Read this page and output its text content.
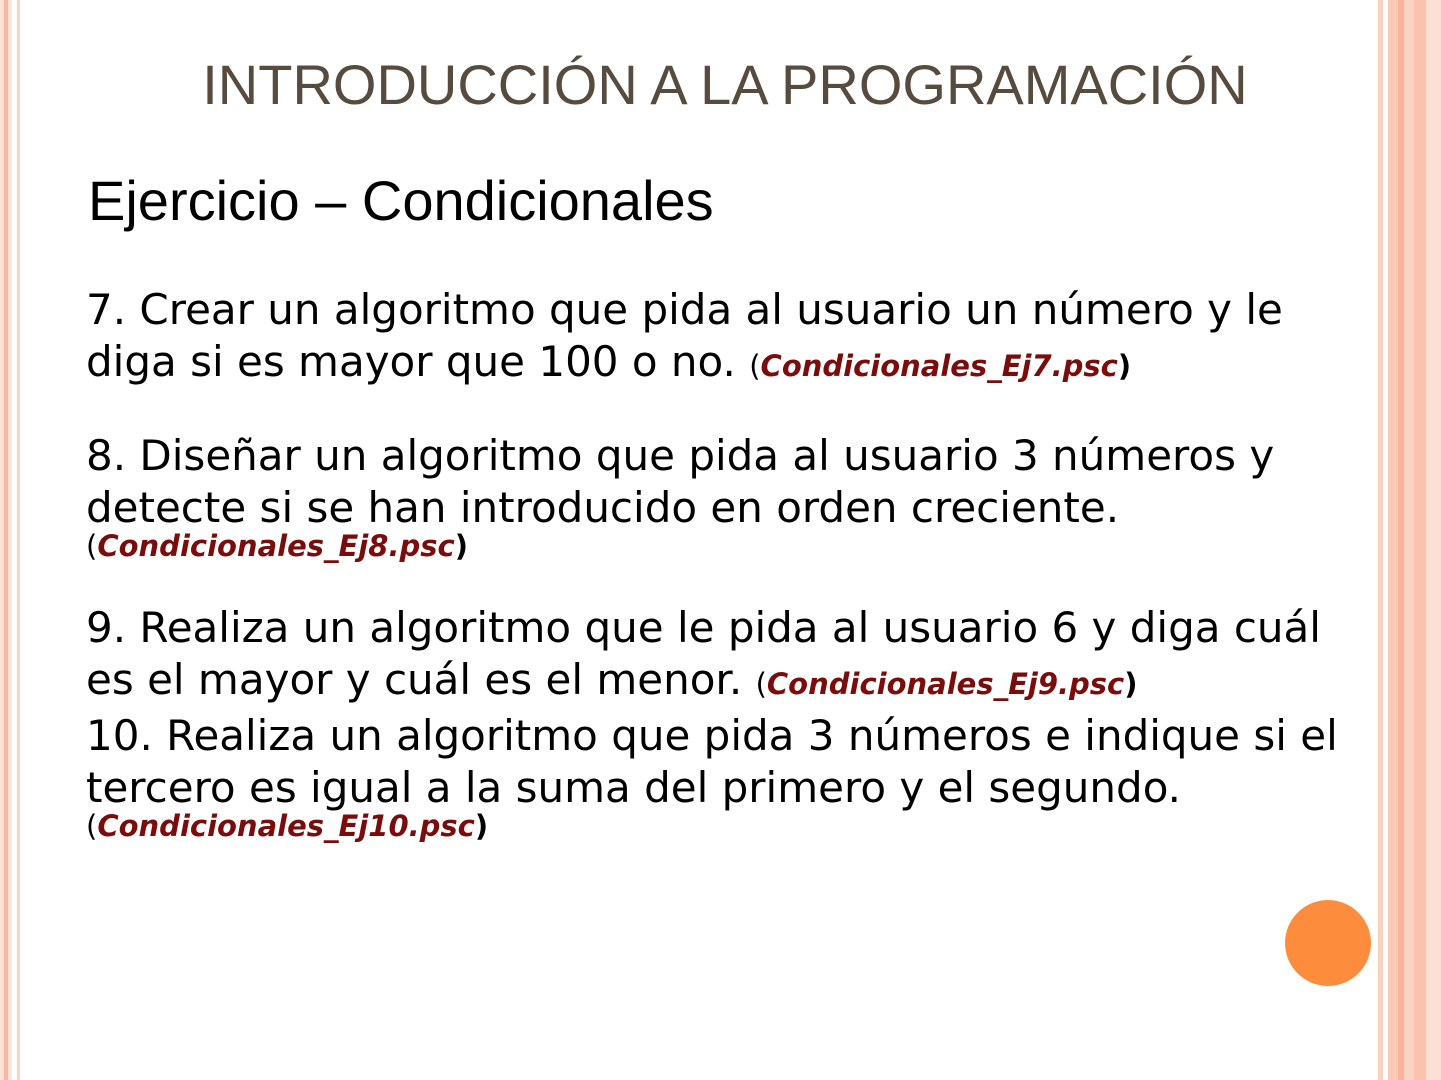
INTRODUCCIÓN A LA PROGRAMACIÓN
Ejercicio – Condicionales

7. Crear un algoritmo que pida al usuario un número y le diga si es mayor que 100 o no. (Condicionales_Ej7.psc)

8. Diseñar un algoritmo que pida al usuario 3 números y detecte si se han introducido en orden creciente.
(Condicionales_Ej8.psc)

9. Realiza un algoritmo que le pida al usuario 6 y diga cuál es el mayor y cuál es el menor. (Condicionales_Ej9.psc)

10. Realiza un algoritmo que pida 3 números e indique si el tercero es igual a la suma del primero y el segundo.
(Condicionales_Ej10.psc)
